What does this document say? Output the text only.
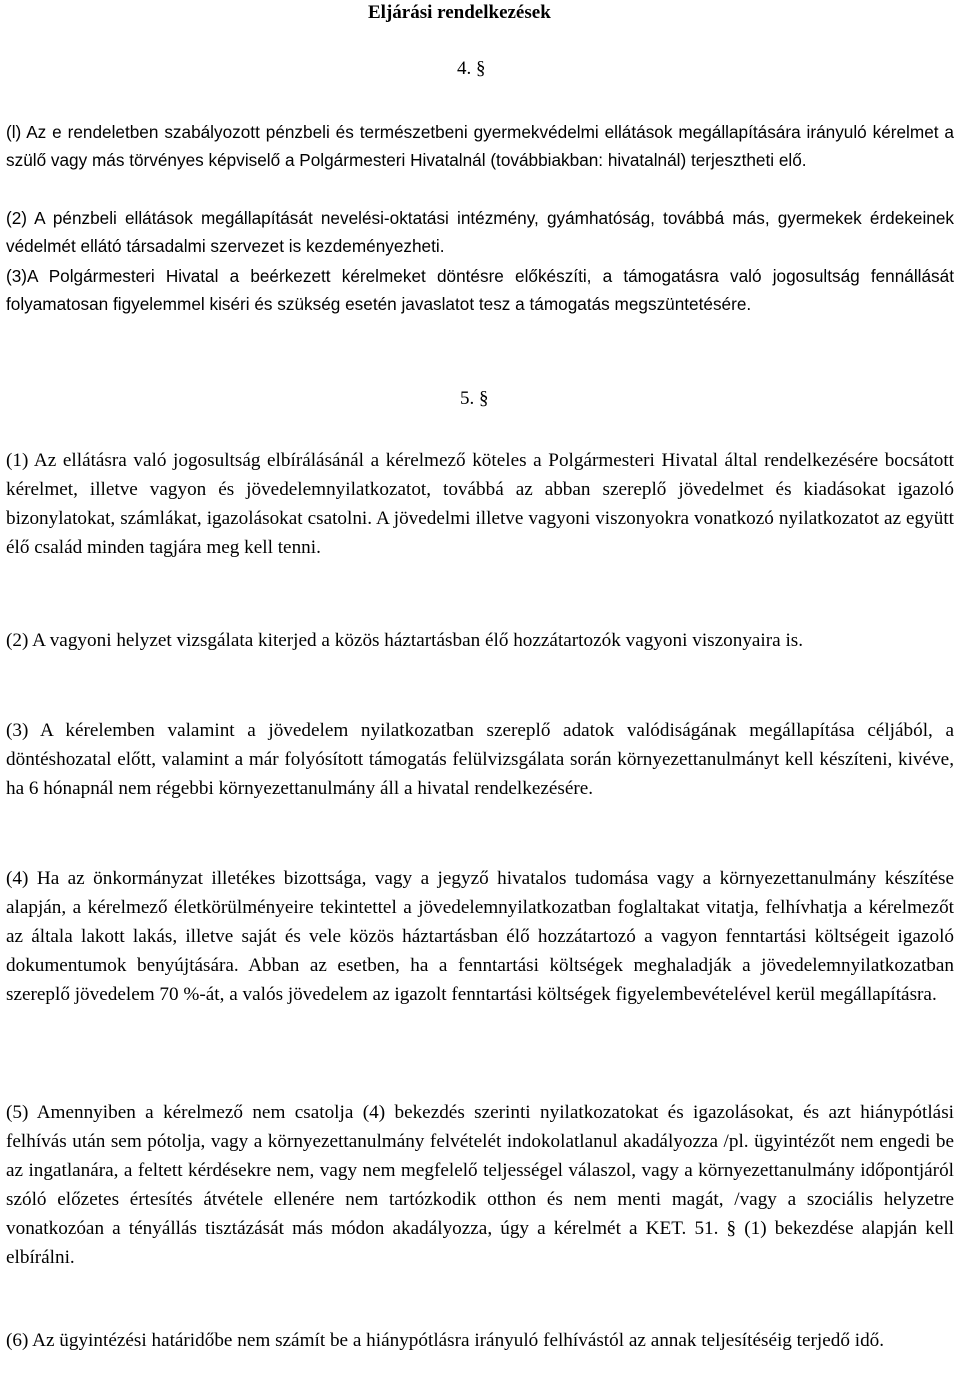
Eljárási rendelkezések
4. §

(l) Az e rendeletben szabályozott pénzbeli és természetbeni gyermekvédelmi ellátások megállapítására irányuló kérelmet a szülő vagy más törvényes képviselő a Polgármesteri Hivatalnál (továbbiakban: hivatalnál) terjesztheti elő.

(2) A pénzbeli ellátások megállapítását nevelési-oktatási intézmény, gyámhatóság, továbbá más, gyermekek érdekeinek védelmét ellátó társadalmi szervezet is kezdeményezheti.

(3)A Polgármesteri Hivatal a beérkezett kérelmeket döntésre előkészíti, a támogatásra való jogosultság fennállását folyamatosan figyelemmel kiséri és szükség esetén javaslatot tesz a támogatás megszüntetésére.

5. §

(1) Az ellátásra való jogosultság elbírálásánál a kérelmező köteles a Polgármesteri Hivatal által rendelkezésére bocsátott kérelmet, illetve vagyon és jövedelemnyilatkozatot, továbbá az abban szereplő jövedelmet és kiadásokat igazoló bizonylatokat, számlákat, igazolásokat csatolni. A jövedelmi illetve vagyoni viszonyokra vonatkozó nyilatkozatot az együtt élő család minden tagjára meg kell tenni.

(2) A vagyoni helyzet vizsgálata kiterjed a közös háztartásban élő hozzátartozók vagyoni viszonyaira is.

(3) A kérelemben valamint a jövedelem nyilatkozatban szereplő adatok valódiságának megállapítása céljából, a döntéshozatal előtt, valamint a már folyósított támogatás felülvizsgálata során környezettanulmányt kell készíteni, kivéve, ha 6 hónapnál nem régebbi környezettanulmány áll a hivatal rendelkezésére.

(4) Ha az önkormányzat illetékes bizottsága, vagy a jegyző hivatalos tudomása vagy a környezettanulmány készítése alapján, a kérelmező életkörülményeire tekintettel a jövedelemnyilatkozatban foglaltakat vitatja, felhívhatja a kérelmezőt az általa lakott lakás, illetve saját és vele közös háztartásban élő hozzátartozó a vagyon fenntartási költségeit igazoló dokumentumok benyújtására. Abban az esetben, ha a fenntartási költségek meghaladják a jövedelemnyilatkozatban szereplő jövedelem 70 %-át, a valós jövedelem az igazolt fenntartási költségek figyelembevételével kerül megállapításra.

(5) Amennyiben a kérelmező nem csatolja (4) bekezdés szerinti nyilatkozatokat és igazolásokat, és azt hiánypótlási felhívás után sem pótolja, vagy a környezettanulmány felvételét indokolatlanul akadályozza /pl. ügyintézőt nem engedi be az ingatlanára, a feltett kérdésekre nem, vagy nem megfelelő teljességel válaszol, vagy a környezettanulmány időpontjáról szóló előzetes értesítés átvétele ellenére nem tartózkodik otthon és nem menti magát, /vagy a szociális helyzetre vonatkozóan a tényállás tisztázását más módon akadályozza, úgy a kérelmét a KET. 51. § (1) bekezdése alapján kell elbírálni.

(6) Az ügyintézési határidőbe nem számít be a hiánypótlásra irányuló felhívástól az annak teljesítéséig terjedő idő.
